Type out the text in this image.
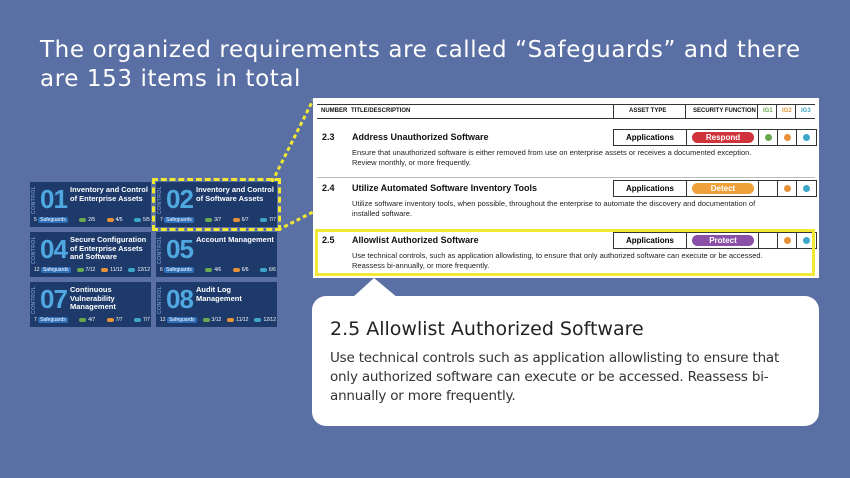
The organized requirements are called “Safeguards” and there are 153 items in total
CONTROL 01 Inventory and Control of Enterprise Assets
5 Safeguards	2/5	4/5	5/5
CONTROL 02 Inventory and Control of Software Assets
7 Safeguards	3/7	6/7	7/7
CONTROL 04 Secure Configuration of Enterprise Assets and Software
12 Safeguards	7/12	11/12	12/12
CONTROL 05 Account Management
6 Safeguards	4/6	6/6	6/6
CONTROL 07 Continuous Vulnerability Management
7 Safeguards	4/7	7/7	7/7
CONTROL 08 Audit Log Management
12 Safeguards	3/12	11/12	12/12
NUMBER TITLE/DESCRIPTION	ASSET TYPE	SECURITY FUNCTION IG1 IG2 IG3
2.3 Address Unauthorized Software
Ensure that unauthorized software is either removed from use on enterprise assets or receives a documented exception. Review monthly, or more frequently.
Applications	Respond
2.4 Utilize Automated Software Inventory Tools
Utilize software inventory tools, when possible, throughout the enterprise to automate the discovery and documentation of installed software.
Applications	Detect
2.5 Allowlist Authorized Software
Use technical controls, such as application allowlisting, to ensure that only authorized software can execute or be accessed. Reassess bi-annually, or more frequently.
Applications	Protect
2.5 Allowlist Authorized Software
Use technical controls such as application allowlisting to ensure that only authorized software can execute or be accessed. Reassess bi-annually or more frequently.
